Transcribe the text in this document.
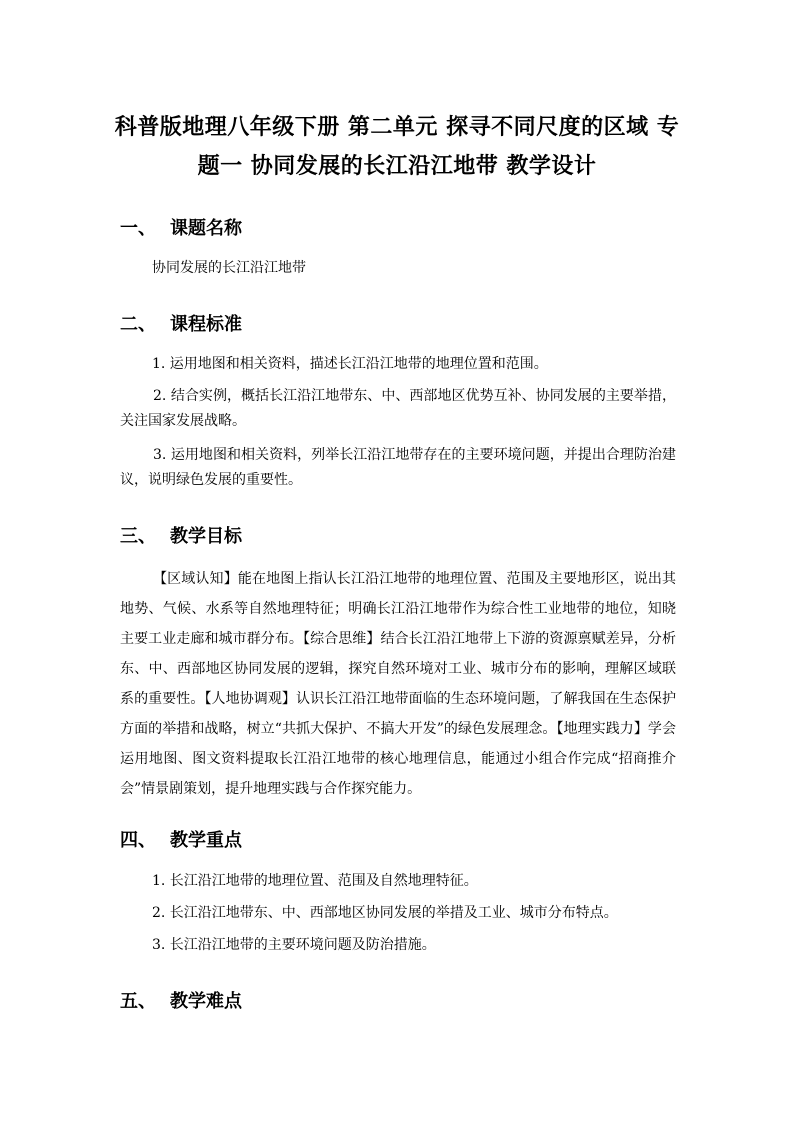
科普版地理八年级下册 第二单元 探寻不同尺度的区域 专题一 协同发展的长江沿江地带 教学设计
一、 课题名称
协同发展的长江沿江地带
二、 课程标准
1. 运用地图和相关资料，描述长江沿江地带的地理位置和范围。
2. 结合实例，概括长江沿江地带东、中、西部地区优势互补、协同发展的主要举措，关注国家发展战略。
3. 运用地图和相关资料，列举长江沿江地带存在的主要环境问题，并提出合理防治建议，说明绿色发展的重要性。
三、 教学目标
【区域认知】能在地图上指认长江沿江地带的地理位置、范围及主要地形区，说出其地势、气候、水系等自然地理特征；明确长江沿江地带作为综合性工业地带的地位，知晓主要工业走廊和城市群分布。【综合思维】结合长江沿江地带上下游的资源禀赋差异，分析东、中、西部地区协同发展的逻辑，探究自然环境对工业、城市分布的影响，理解区域联系的重要性。【人地协调观】认识长江沿江地带面临的生态环境问题，了解我国在生态保护方面的举措和战略，树立“共抓大保护、不搞大开发”的绿色发展理念。【地理实践力】学会运用地图、图文资料提取长江沿江地带的核心地理信息，能通过小组合作完成“招商推介会”情景剧策划，提升地理实践与合作探究能力。
四、 教学重点
1. 长江沿江地带的地理位置、范围及自然地理特征。
2. 长江沿江地带东、中、西部地区协同发展的举措及工业、城市分布特点。
3. 长江沿江地带的主要环境问题及防治措施。
五、 教学难点
